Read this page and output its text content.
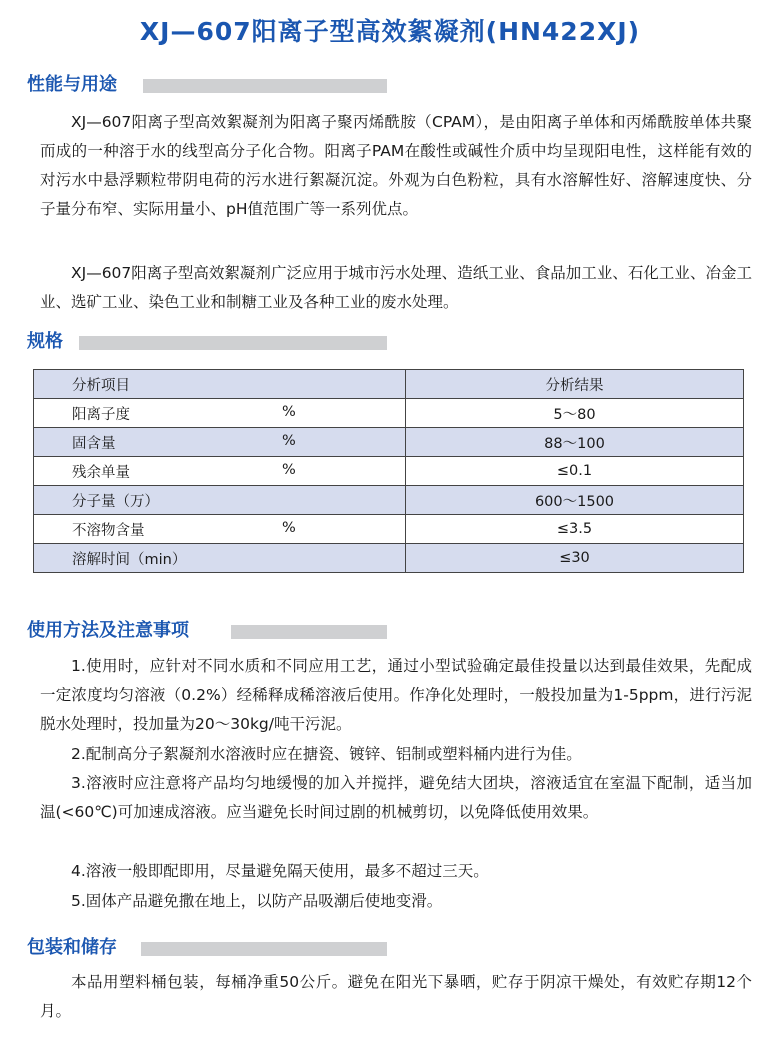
XJ—607阳离子型高效絮凝剂(HN422XJ)
性能与用途
XJ—607阳离子型高效絮凝剂为阳离子聚丙烯酰胺（CPAM），是由阳离子单体和丙烯酰胺单体共聚而成的一种溶于水的线型高分子化合物。阳离子PAM在酸性或碱性介质中均呈现阳电性，这样能有效的对污水中悬浮颗粒带阴电荷的污水进行絮凝沉淀。外观为白色粉粒，具有水溶解性好、溶解速度快、分子量分布窄、实际用量小、pH值范围广等一系列优点。
XJ—607阳离子型高效絮凝剂广泛应用于城市污水处理、造纸工业、食品加工业、石化工业、冶金工业、选矿工业、染色工业和制糖工业及各种工业的废水处理。
规格
分析项目	分析结果
阳离子度 %	5～80
固含量 %	88～100
残余单量 %	≤0.1
分子量（万）	600～1500
不溶物含量 %	≤3.5
溶解时间（min）	≤30
使用方法及注意事项
1.使用时，应针对不同水质和不同应用工艺，通过小型试验确定最佳投量以达到最佳效果，先配成一定浓度均匀溶液（0.2%）经稀释成稀溶液后使用。作净化处理时，一般投加量为1-5ppm，进行污泥脱水处理时，投加量为20～30kg/吨干污泥。
2.配制高分子絮凝剂水溶液时应在搪瓷、镀锌、铝制或塑料桶内进行为佳。
3.溶液时应注意将产品均匀地缓慢的加入并搅拌，避免结大团块，溶液适宜在室温下配制，适当加温(<60℃)可加速成溶液。应当避免长时间过剧的机械剪切，以免降低使用效果。
4.溶液一般即配即用，尽量避免隔天使用，最多不超过三天。
5.固体产品避免撒在地上，以防产品吸潮后使地变滑。
包装和储存
本品用塑料桶包装，每桶净重50公斤。避免在阳光下暴晒，贮存于阴凉干燥处，有效贮存期12个月。
